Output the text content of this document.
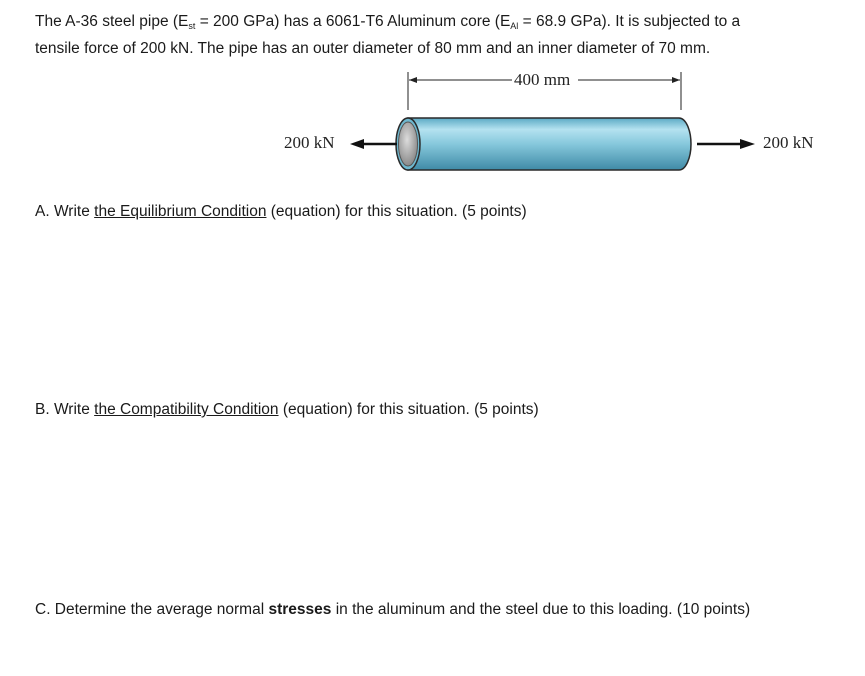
The A-36 steel pipe ($E_{st} = 200$ GPa) has a 6061-T6 Aluminum core ($E_{Al} = 68.9$ GPa). It is subjected to a
tensile force of 200 kN. The pipe has an outer diameter of 80 mm and an inner diameter of 70 mm.
400 mm
200 kN	200 kN
A. Write the Equilibrium Condition (equation) for this situation. (5 points)
B. Write the Compatibility Condition (equation) for this situation. (5 points)
C. Determine the average normal stresses in the aluminum and the steel due to this loading. (10 points)
